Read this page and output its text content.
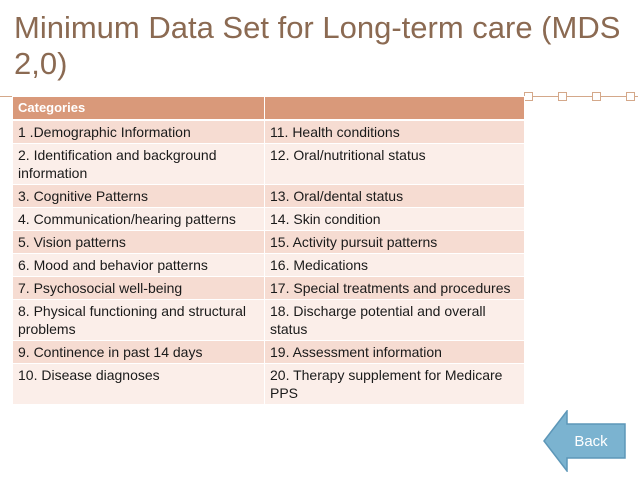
Minimum Data Set for Long-term care (MDS
2,0)
Categories	
1 .Demographic Information	11. Health conditions
2. Identification and background information	12. Oral/nutritional status
3. Cognitive Patterns	13. Oral/dental status
4. Communication/hearing patterns	14. Skin condition
5. Vision patterns	15. Activity pursuit patterns
6. Mood and behavior patterns	16. Medications
7. Psychosocial well-being	17. Special treatments and procedures
8. Physical functioning and structural problems	18. Discharge potential and overall status
9. Continence in past 14 days	19. Assessment information
10. Disease diagnoses	20. Therapy supplement for Medicare PPS
Back
